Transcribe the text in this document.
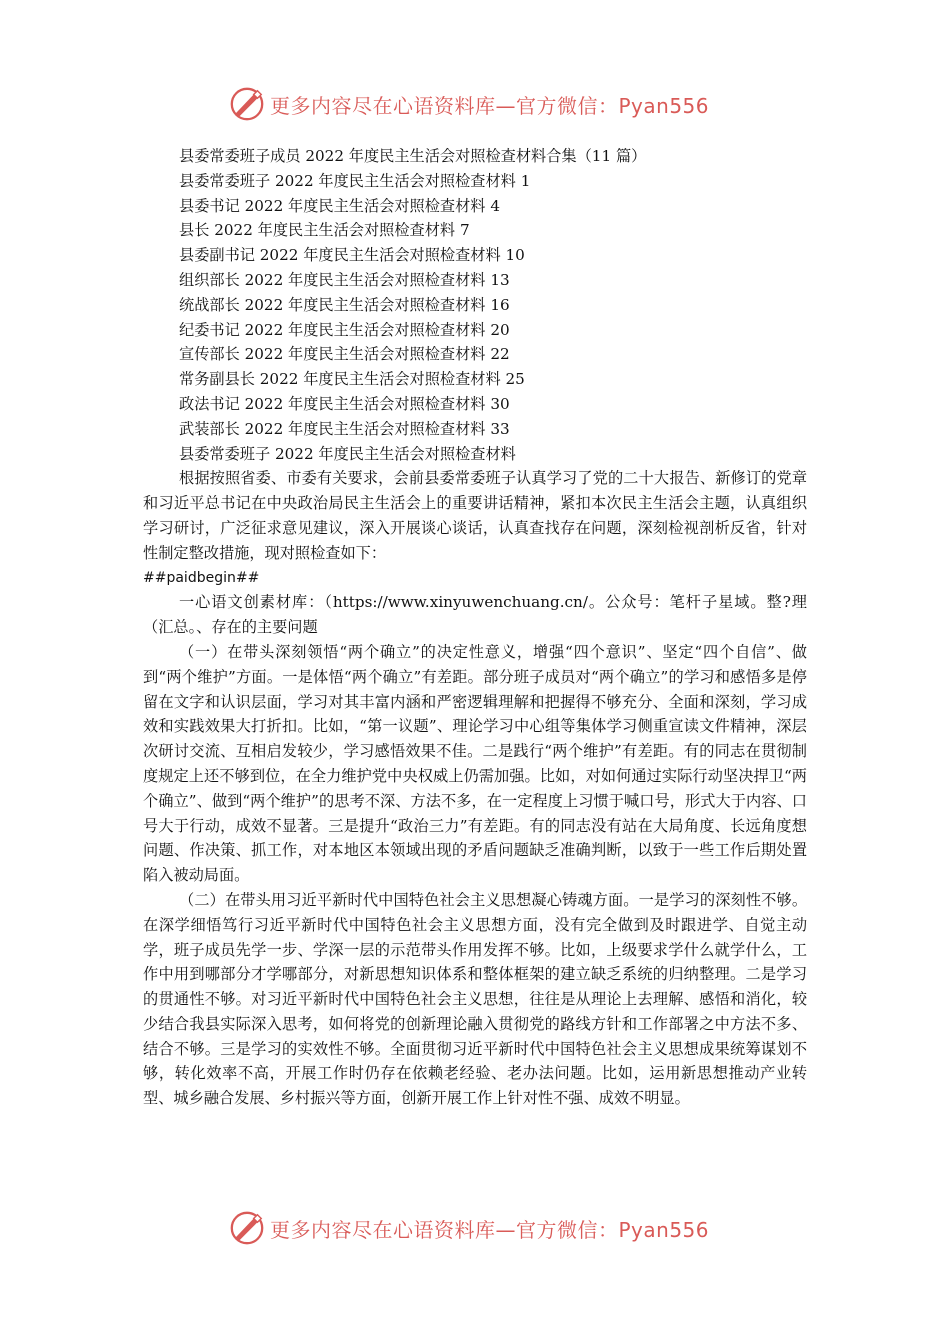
更多内容尽在心语资料库—官方微信：Pyan556
县委常委班子成员 2022 年度民主生活会对照检查材料合集（11 篇）
县委常委班子 2022 年度民主生活会对照检查材料 1
县委书记 2022 年度民主生活会对照检查材料 4
县长 2022 年度民主生活会对照检查材料 7
县委副书记 2022 年度民主生活会对照检查材料 10
组织部长 2022 年度民主生活会对照检查材料 13
统战部长 2022 年度民主生活会对照检查材料 16
纪委书记 2022 年度民主生活会对照检查材料 20
宣传部长 2022 年度民主生活会对照检查材料 22
常务副县长 2022 年度民主生活会对照检查材料 25
政法书记 2022 年度民主生活会对照检查材料 30
武装部长 2022 年度民主生活会对照检查材料 33
县委常委班子 2022 年度民主生活会对照检查材料

根据按照省委、市委有关要求，会前县委常委班子认真学习了党的二十大报告、新修订的党章和习近平总书记在中央政治局民主生活会上的重要讲话精神，紧扣本次民主生活会主题，认真组织学习研讨，广泛征求意见建议，深入开展谈心谈话，认真查找存在问题，深刻检视剖析反省，针对性制定整改措施，现对照检查如下：

##paidbegin##

一心语文创素材库：（https://www.xinyuwenchuang.cn/。公众号：笔杆子星域。整?理（汇总。、存在的主要问题

（一）在带头深刻领悟“两个确立”的决定性意义，增强“四个意识”、坚定“四个自信”、做到“两个维护”方面。一是体悟“两个确立”有差距。部分班子成员对“两个确立”的学习和感悟多是停留在文字和认识层面，学习对其丰富内涵和严密逻辑理解和把握得不够充分、全面和深刻，学习成效和实践效果大打折扣。比如，“第一议题”、理论学习中心组等集体学习侧重宣读文件精神，深层次研讨交流、互相启发较少，学习感悟效果不佳。二是践行“两个维护”有差距。有的同志在贯彻制度规定上还不够到位，在全力维护党中央权威上仍需加强。比如，对如何通过实际行动坚决捍卫“两个确立”、做到“两个维护”的思考不深、方法不多，在一定程度上习惯于喊口号，形式大于内容、口号大于行动，成效不显著。三是提升“政治三力”有差距。有的同志没有站在大局角度、长远角度想问题、作决策、抓工作，对本地区本领域出现的矛盾问题缺乏准确判断，以致于一些工作后期处置陷入被动局面。

（二）在带头用习近平新时代中国特色社会主义思想凝心铸魂方面。一是学习的深刻性不够。在深学细悟笃行习近平新时代中国特色社会主义思想方面，没有完全做到及时跟进学、自觉主动学，班子成员先学一步、学深一层的示范带头作用发挥不够。比如，上级要求学什么就学什么，工作中用到哪部分才学哪部分，对新思想知识体系和整体框架的建立缺乏系统的归纳整理。二是学习的贯通性不够。对习近平新时代中国特色社会主义思想，往往是从理论上去理解、感悟和消化，较少结合我县实际深入思考，如何将党的创新理论融入贯彻党的路线方针和工作部署之中方法不多、结合不够。三是学习的实效性不够。全面贯彻习近平新时代中国特色社会主义思想成果统筹谋划不够，转化效率不高，开展工作时仍存在依赖老经验、老办法问题。比如，运用新思想推动产业转型、城乡融合发展、乡村振兴等方面，创新开展工作上针对性不强、成效不明显。

更多内容尽在心语资料库—官方微信：Pyan556
